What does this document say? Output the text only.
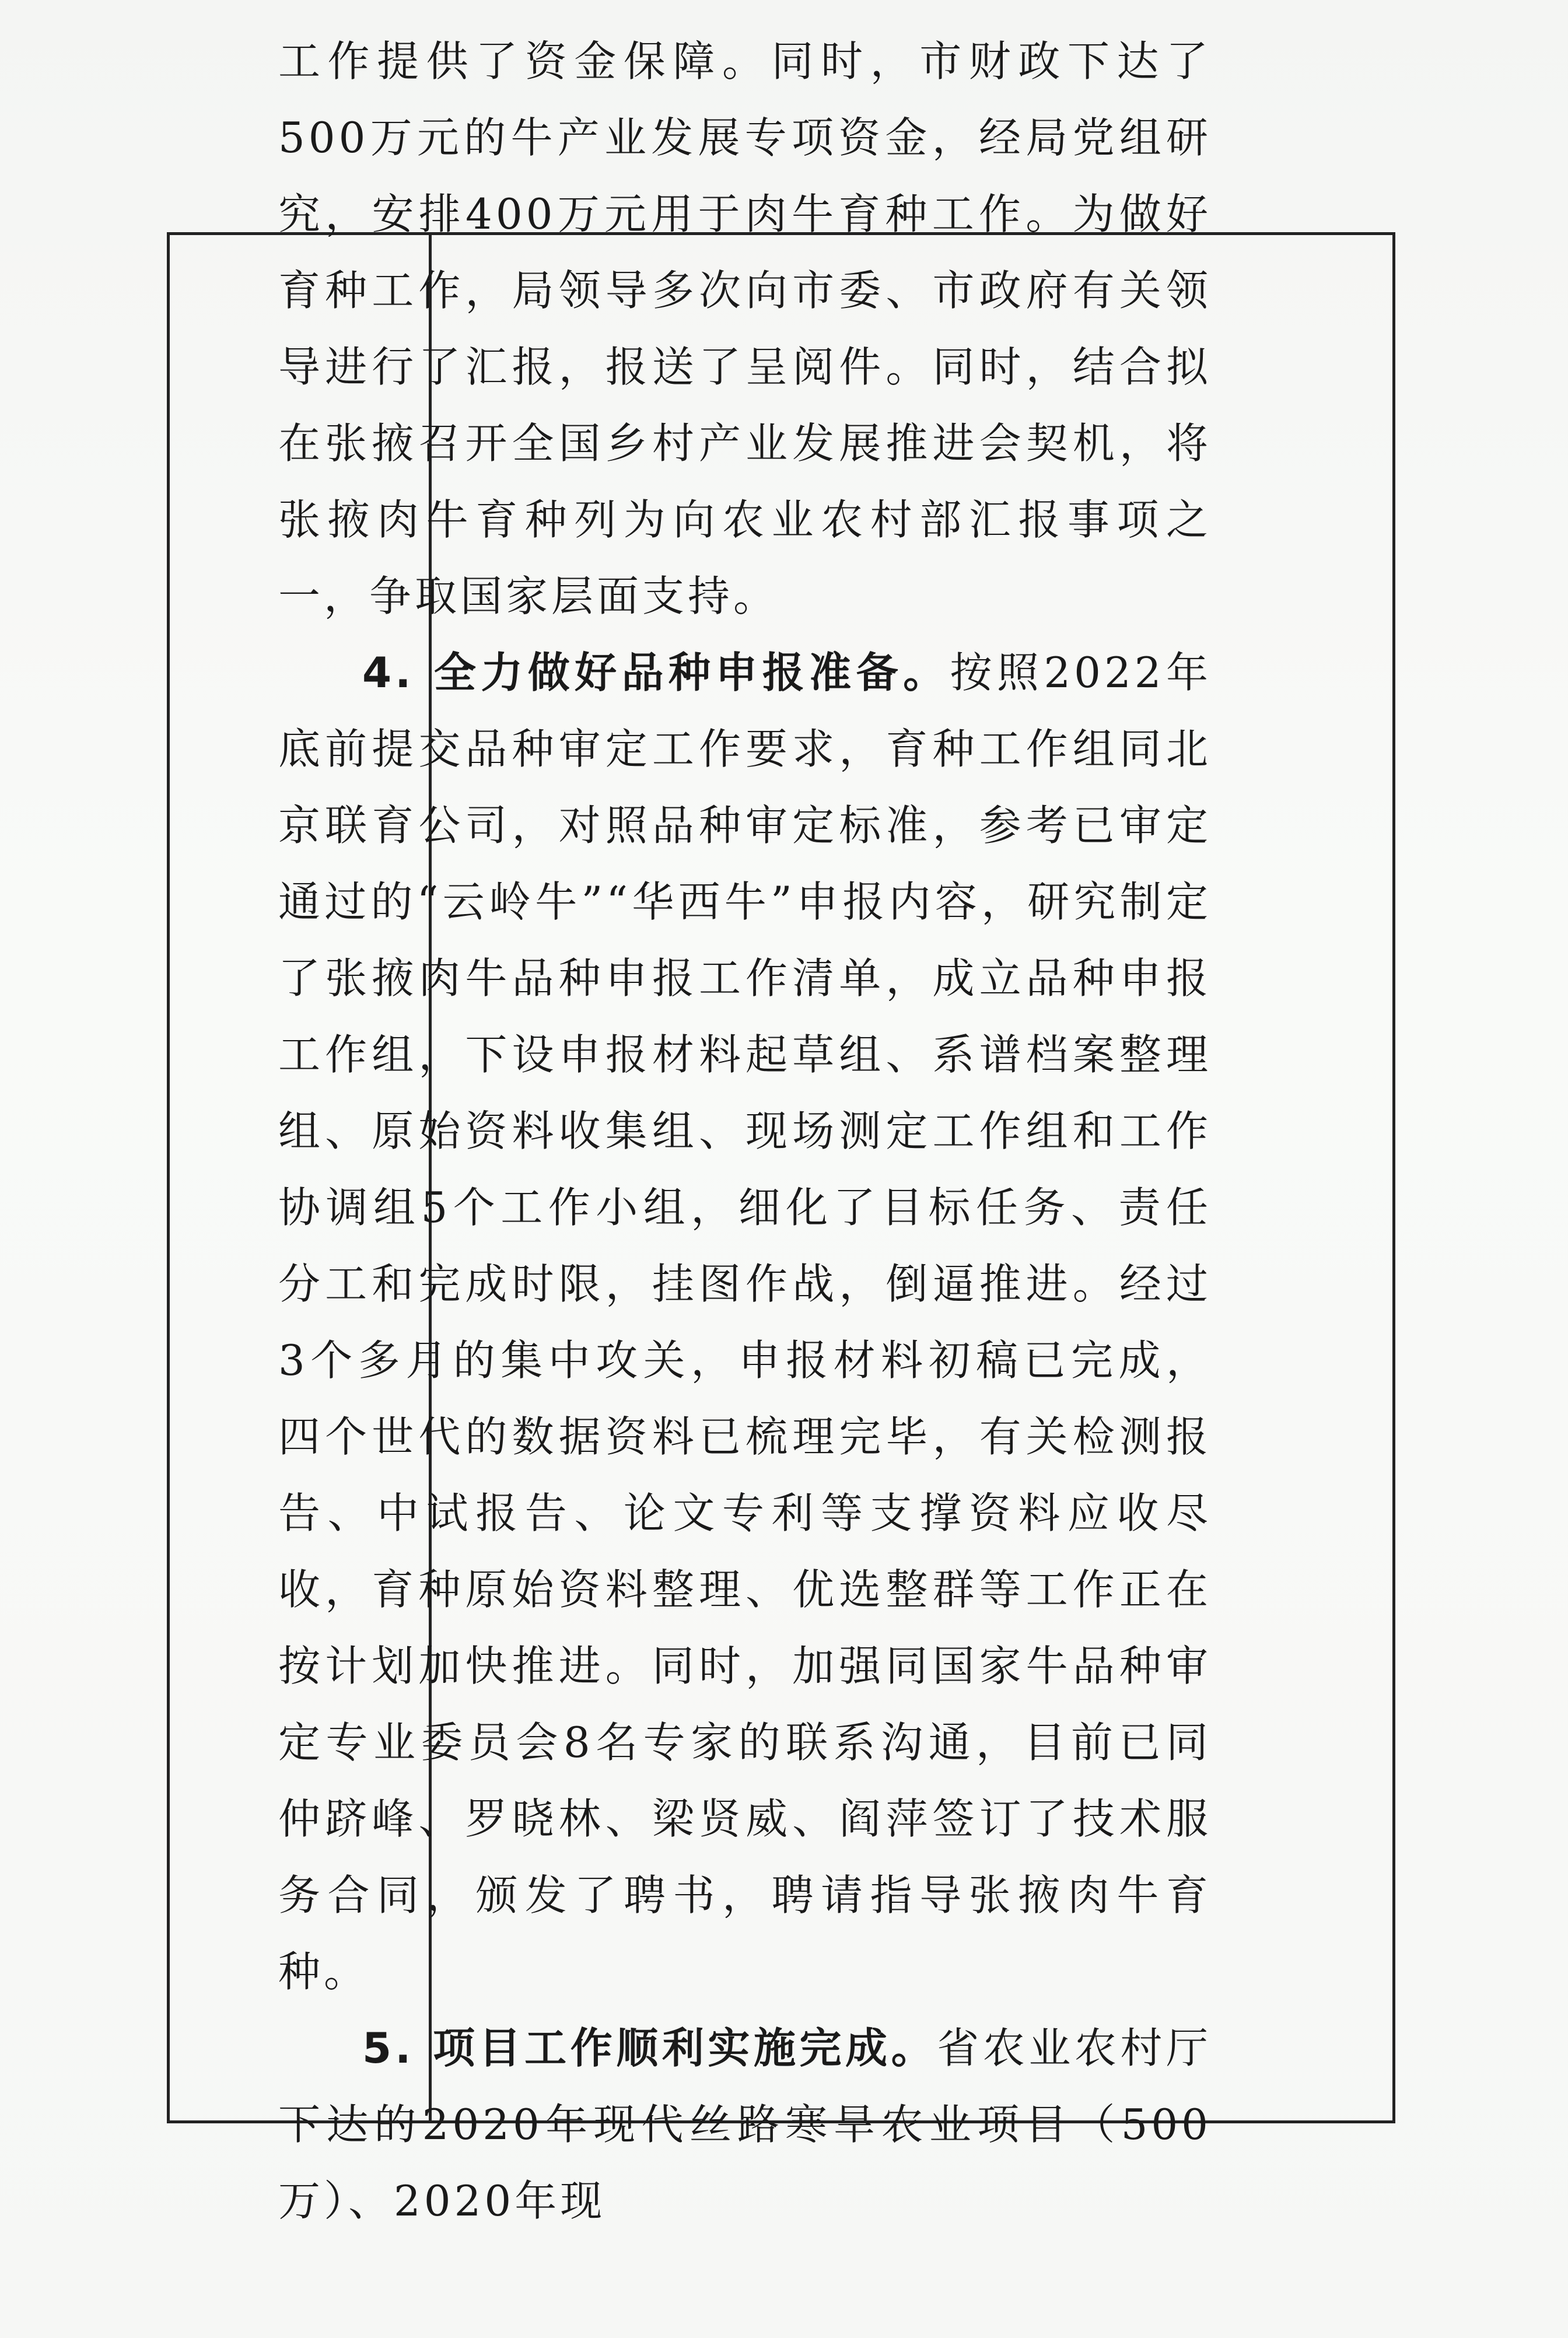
工作提供了资金保障。同时，市财政下达了500万元的牛产业发展专项资金，经局党组研究，安排400万元用于肉牛育种工作。为做好育种工作，局领导多次向市委、市政府有关领导进行了汇报，报送了呈阅件。同时，结合拟在张掖召开全国乡村产业发展推进会契机，将张掖肉牛育种列为向农业农村部汇报事项之一，争取国家层面支持。

4. 全力做好品种申报准备。按照2022年底前提交品种审定工作要求，育种工作组同北京联育公司，对照品种审定标准，参考已审定通过的“云岭牛”“华西牛”申报内容，研究制定了张掖肉牛品种申报工作清单，成立品种申报工作组，下设申报材料起草组、系谱档案整理组、原始资料收集组、现场测定工作组和工作协调组5个工作小组，细化了目标任务、责任分工和完成时限，挂图作战，倒逼推进。经过3个多月的集中攻关，申报材料初稿已完成，四个世代的数据资料已梳理完毕，有关检测报告、中试报告、论文专利等支撑资料应收尽收，育种原始资料整理、优选整群等工作正在按计划加快推进。同时，加强同国家牛品种审定专业委员会8名专家的联系沟通，目前已同仲跻峰、罗晓林、梁贤威、阎萍签订了技术服务合同，颁发了聘书，聘请指导张掖肉牛育种。

5. 项目工作顺利实施完成。省农业农村厅下达的2020年现代丝路寒旱农业项目（500万）、2020年现
